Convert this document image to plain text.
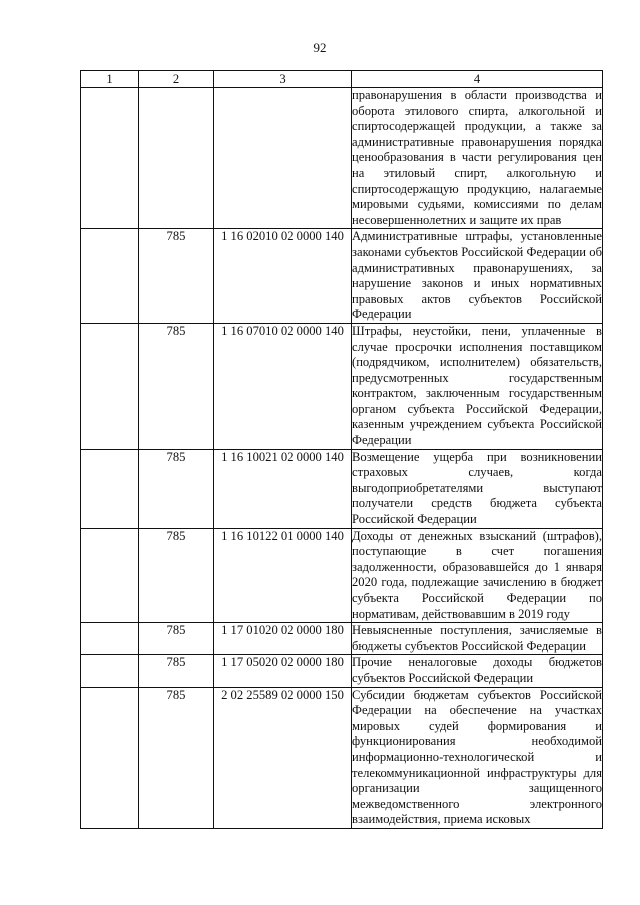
92
1	2	3	4
			правонарушения в области производства и оборота этилового спирта, алкогольной и спиртосодержащей продукции, а также за административные правонарушения порядка ценообразования в части регулирования цен на этиловый спирт, алкогольную и спиртосодержащую продукцию, налагаемые мировыми судьями, комиссиями по делам несовершеннолетних и защите их прав
	785	1 16 02010 02 0000 140	Административные штрафы, установленные законами субъектов Российской Федерации об административных правонарушениях, за нарушение законов и иных нормативных правовых актов субъектов Российской Федерации
	785	1 16 07010 02 0000 140	Штрафы, неустойки, пени, уплаченные в случае просрочки исполнения поставщиком (подрядчиком, исполнителем) обязательств, предусмотренных государственным контрактом, заключенным государственным органом субъекта Российской Федерации, казенным учреждением субъекта Российской Федерации
	785	1 16 10021 02 0000 140	Возмещение ущерба при возникновении страховых случаев, когда выгодоприобретателями выступают получатели средств бюджета субъекта Российской Федерации
	785	1 16 10122 01 0000 140	Доходы от денежных взысканий (штрафов), поступающие в счет погашения задолженности, образовавшейся до 1 января 2020 года, подлежащие зачислению в бюджет субъекта Российской Федерации по нормативам, действовавшим в 2019 году
	785	1 17 01020 02 0000 180	Невыясненные поступления, зачисляемые в бюджеты субъектов Российской Федерации
	785	1 17 05020 02 0000 180	Прочие неналоговые доходы бюджетов субъектов Российской Федерации
	785	2 02 25589 02 0000 150	Субсидии бюджетам субъектов Российской Федерации на обеспечение на участках мировых судей формирования и функционирования необходимой информационно-технологической и телекоммуникационной инфраструктуры для организации защищенного межведомственного электронного взаимодействия, приема исковых
